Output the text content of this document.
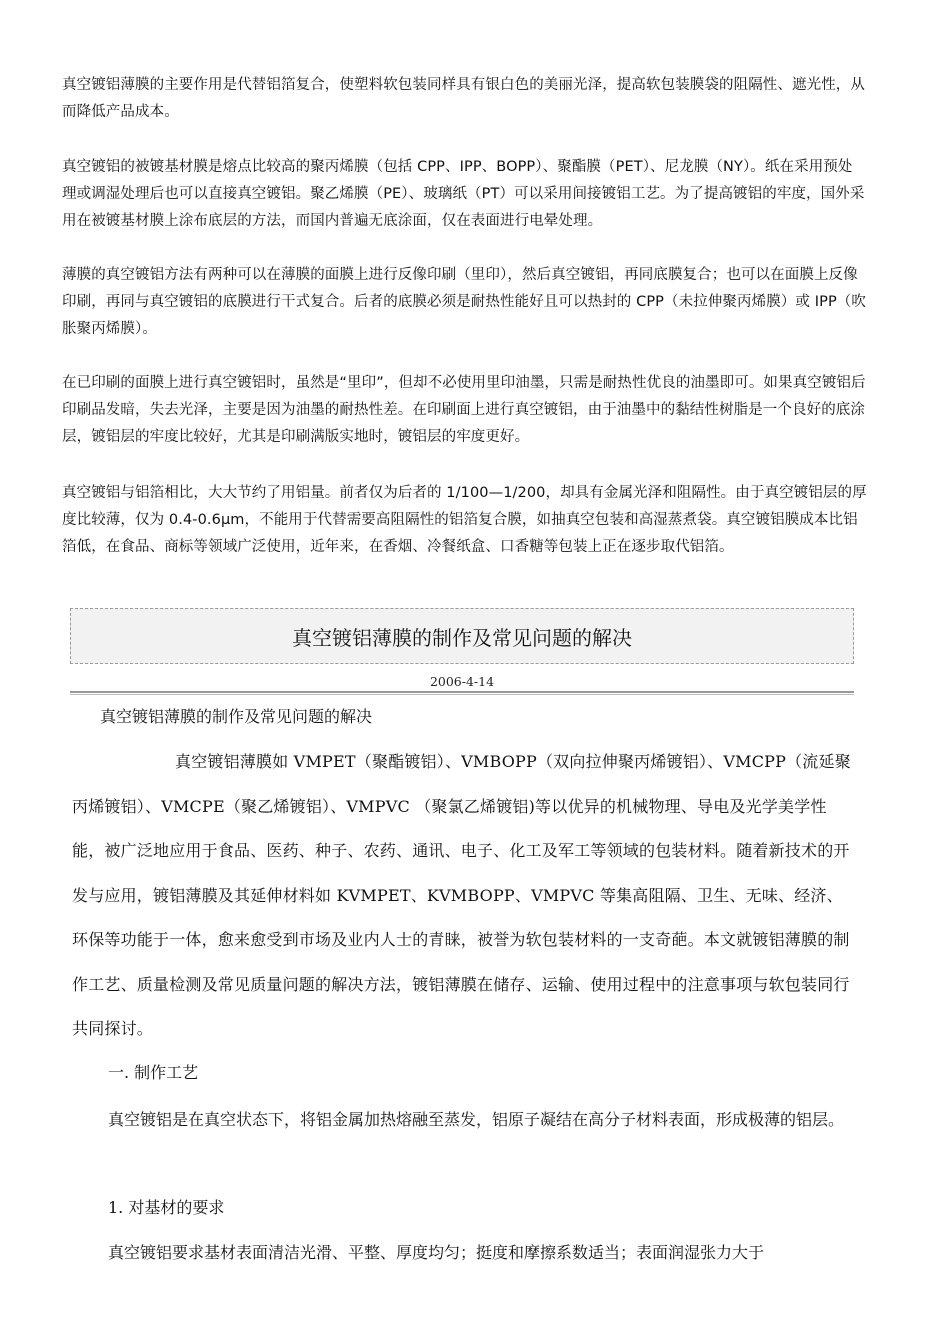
真空镀铝薄膜的主要作用是代替铝箔复合，使塑料软包装同样具有银白色的美丽光泽，提高软包装膜袋的阻隔性、遮光性，从而降低产品成本。

真空镀铝的被镀基材膜是熔点比较高的聚丙烯膜（包括 CPP、IPP、BOPP）、聚酯膜（PET）、尼龙膜（NY）。纸在采用预处理或调湿处理后也可以直接真空镀铝。聚乙烯膜（PE）、玻璃纸（PT）可以采用间接镀铝工艺。为了提高镀铝的牢度，国外采用在被镀基材膜上涂布底层的方法，而国内普遍无底涂面，仅在表面进行电晕处理。

薄膜的真空镀铝方法有两种可以在薄膜的面膜上进行反像印刷（里印），然后真空镀铝，再同底膜复合；也可以在面膜上反像印刷，再同与真空镀铝的底膜进行干式复合。后者的底膜必须是耐热性能好且可以热封的 CPP（未拉伸聚丙烯膜）或 IPP（吹胀聚丙烯膜）。

在已印刷的面膜上进行真空镀铝时，虽然是“里印”，但却不必使用里印油墨，只需是耐热性优良的油墨即可。如果真空镀铝后印刷品发暗，失去光泽，主要是因为油墨的耐热性差。在印刷面上进行真空镀铝，由于油墨中的黏结性树脂是一个良好的底涂层，镀铝层的牢度比较好，尤其是印刷满版实地时，镀铝层的牢度更好。

真空镀铝与铝箔相比，大大节约了用铝量。前者仅为后者的 1/100—1/200，却具有金属光泽和阻隔性。由于真空镀铝层的厚度比较薄，仅为 0.4-0.6μm，不能用于代替需要高阻隔性的铝箔复合膜，如抽真空包装和高湿蒸煮袋。真空镀铝膜成本比铝箔低，在食品、商标等领域广泛使用，近年来，在香烟、冷餐纸盒、口香糖等包装上正在逐步取代铝箔。

真空镀铝薄膜的制作及常见问题的解决
2006-4-14

真空镀铝薄膜的制作及常见问题的解决

真空镀铝薄膜如 VMPET（聚酯镀铝）、VMBOPP（双向拉伸聚丙烯镀铝）、VMCPP（流延聚丙烯镀铝）、VMCPE（聚乙烯镀铝）、VMPVC （聚氯乙烯镀铝)等以优异的机械物理、导电及光学美学性能，被广泛地应用于食品、医药、种子、农药、通讯、电子、化工及军工等领域的包装材料。随着新技术的开发与应用，镀铝薄膜及其延伸材料如 KVMPET、KVMBOPP、VMPVC 等集高阻隔、卫生、无味、经济、环保等功能于一体，愈来愈受到市场及业内人士的青睐，被誉为软包装材料的一支奇葩。本文就镀铝薄膜的制作工艺、质量检测及常见质量问题的解决方法，镀铝薄膜在储存、运输、使用过程中的注意事项与软包装同行共同探讨。

一. 制作工艺

真空镀铝是在真空状态下，将铝金属加热熔融至蒸发，铝原子凝结在高分子材料表面，形成极薄的铝层。

1. 对基材的要求

真空镀铝要求基材表面清洁光滑、平整、厚度均匀；挺度和摩擦系数适当；表面润湿张力大于
